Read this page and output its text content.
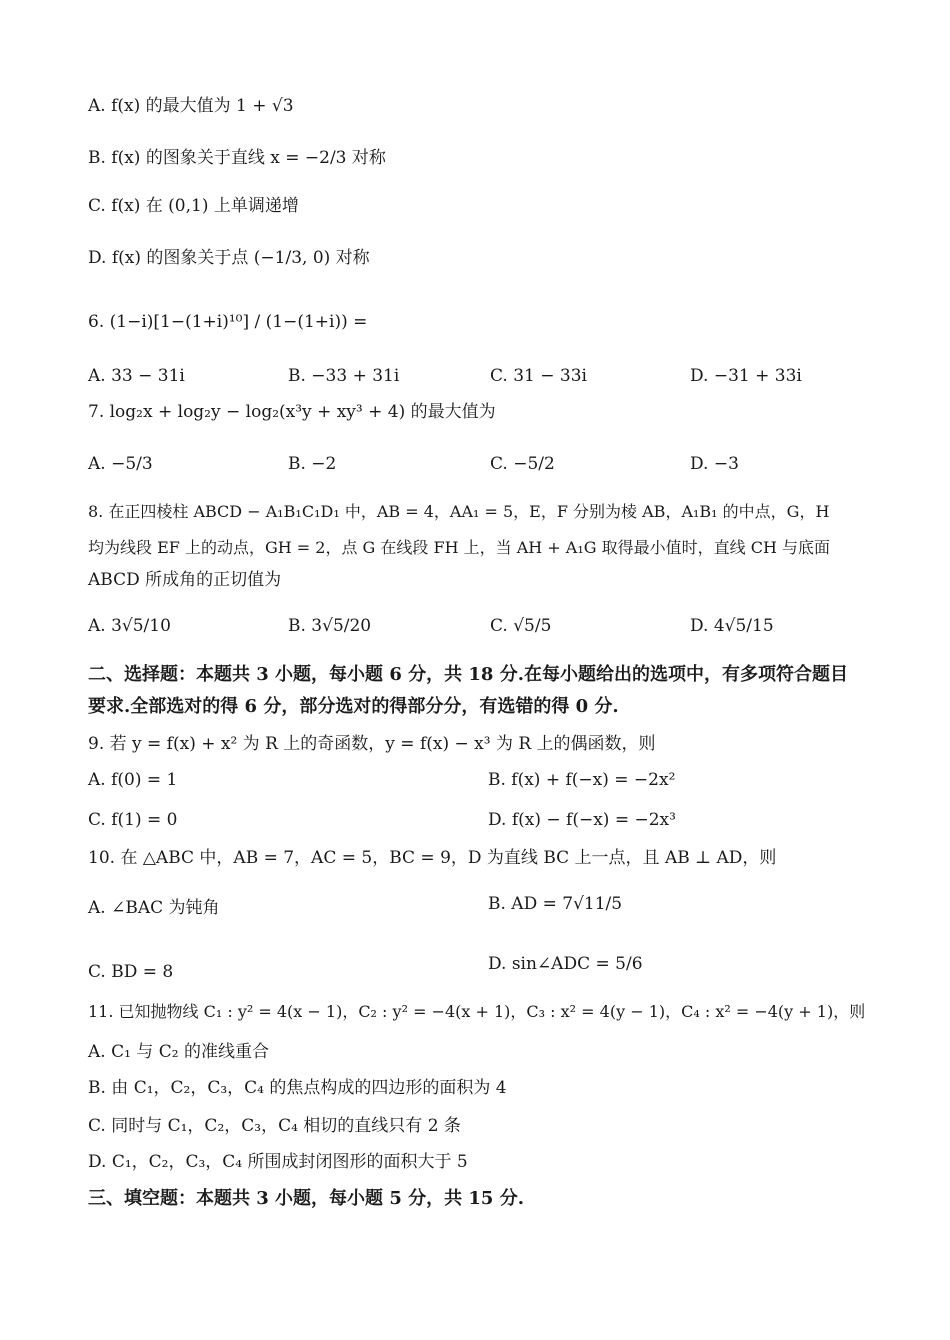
A. f(x) 的最大值为 1 + √3
B. f(x) 的图象关于直线 x = −2/3 对称
C. f(x) 在 (0,1) 上单调递增
D. f(x) 的图象关于点 (−1/3, 0) 对称
6. (1−i)[1−(1+i)¹⁰] / (1−(1+i)) =
A. 33 − 31i	B. −33 + 31i	C. 31 − 33i	D. −31 + 33i
7. log₂x + log₂y − log₂(x³y + xy³ + 4) 的最大值为
A. −5/3	B. −2	C. −5/2	D. −3
8. 在正四棱柱 ABCD − A₁B₁C₁D₁ 中，AB = 4，AA₁ = 5，E，F 分别为棱 AB，A₁B₁ 的中点，G，H
均为线段 EF 上的动点，GH = 2，点 G 在线段 FH 上，当 AH + A₁G 取得最小值时，直线 CH 与底面
ABCD 所成角的正切值为
A. 3√5/10	B. 3√5/20	C. √5/5	D. 4√5/15
二、选择题：本题共 3 小题，每小题 6 分，共 18 分.在每小题给出的选项中，有多项符合题目
要求.全部选对的得 6 分，部分选对的得部分分，有选错的得 0 分.
9. 若 y = f(x) + x² 为 R 上的奇函数，y = f(x) − x³ 为 R 上的偶函数，则
A. f(0) = 1	B. f(x) + f(−x) = −2x²
C. f(1) = 0	D. f(x) − f(−x) = −2x³
10. 在 △ABC 中，AB = 7，AC = 5，BC = 9，D 为直线 BC 上一点，且 AB ⊥ AD，则
A. ∠BAC 为钝角	B. AD = 7√11/5
C. BD = 8	D. sin∠ADC = 5/6
11. 已知抛物线 C₁ : y² = 4(x − 1)，C₂ : y² = −4(x + 1)，C₃ : x² = 4(y − 1)，C₄ : x² = −4(y + 1)，则
A. C₁ 与 C₂ 的准线重合
B. 由 C₁，C₂，C₃，C₄ 的焦点构成的四边形的面积为 4
C. 同时与 C₁，C₂，C₃，C₄ 相切的直线只有 2 条
D. C₁，C₂，C₃，C₄ 所围成封闭图形的面积大于 5
三、填空题：本题共 3 小题，每小题 5 分，共 15 分.
